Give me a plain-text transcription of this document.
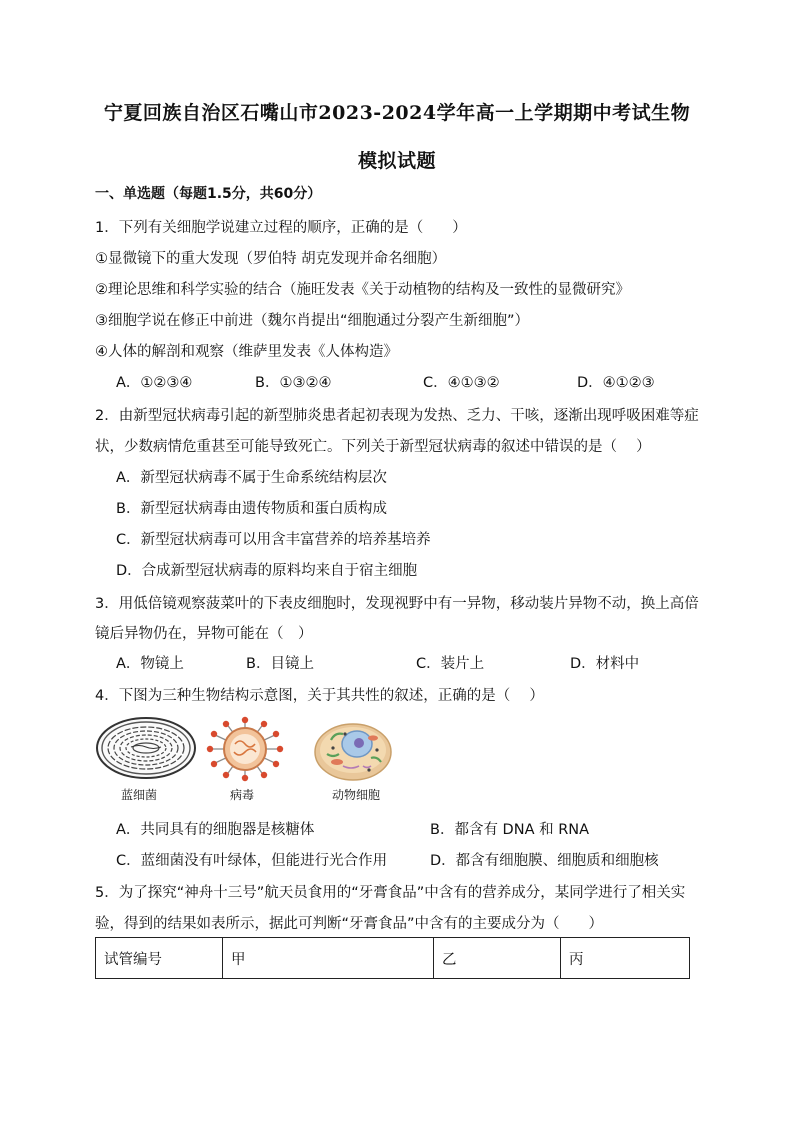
宁夏回族自治区石嘴山市2023-2024学年高一上学期期中考试生物
模拟试题
一、单选题（每题1.5分，共60分）
1．下列有关细胞学说建立过程的顺序，正确的是（　　）
①显微镜下的重大发现（罗伯特 胡克发现并命名细胞）
②理论思维和科学实验的结合（施旺发表《关于动植物的结构及一致性的显微研究》
③细胞学说在修正中前进（魏尔肖提出“细胞通过分裂产生新细胞”）
④人体的解剖和观察（维萨里发表《人体构造》
A．①②③④	B．①③②④	C．④①③②	D．④①②③
2．由新型冠状病毒引起的新型肺炎患者起初表现为发热、乏力、干咳，逐渐出现呼吸困难等症
状，少数病情危重甚至可能导致死亡。下列关于新型冠状病毒的叙述中错误的是（　 ）
A．新型冠状病毒不属于生命系统结构层次
B．新型冠状病毒由遗传物质和蛋白质构成
C．新型冠状病毒可以用含丰富营养的培养基培养
D．合成新型冠状病毒的原料均来自于宿主细胞
3．用低倍镜观察菠菜叶的下表皮细胞时，发现视野中有一异物，移动装片异物不动，换上高倍
镜后异物仍在，异物可能在（　）
A．物镜上	B．目镜上	C．装片上	D．材料中
4．下图为三种生物结构示意图，关于其共性的叙述，正确的是（　 ）
蓝细菌	病毒	动物细胞
A．共同具有的细胞器是核糖体	B．都含有 DNA 和 RNA
C．蓝细菌没有叶绿体，但能进行光合作用	D．都含有细胞膜、细胞质和细胞核
5．为了探究“神舟十三号”航天员食用的“牙膏食品”中含有的营养成分，某同学进行了相关实
验，得到的结果如表所示，据此可判断“牙膏食品”中含有的主要成分为（　　）
试管编号	甲	乙	丙
